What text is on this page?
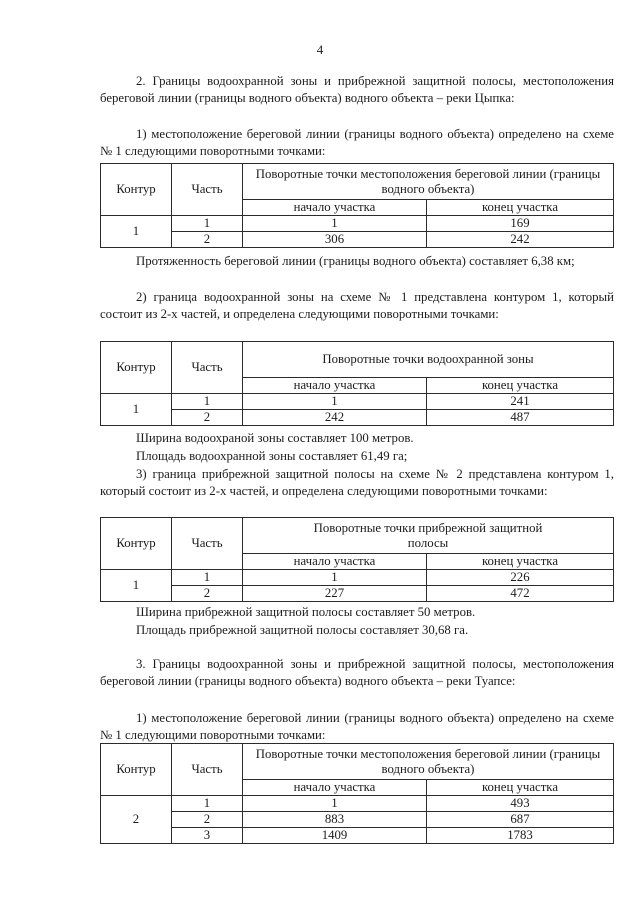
4

2. Границы водоохранной зоны и прибрежной защитной полосы, местоположения береговой линии (границы водного объекта) водного объекта – реки Цыпка:

1) местоположение береговой линии (границы водного объекта) определено на схеме № 1 следующими поворотными точками:

Контур	Часть	Поворотные точки местоположения береговой линии (границы водного объекта)	
		начало участка	конец участка
1	1	1	169
	2	306	242

Протяженность береговой линии (границы водного объекта) составляет 6,38 км;

2) граница водоохранной зоны на схеме № 1 представлена контуром 1, который состоит из 2-х частей, и определена следующими поворотными точками:

Контур	Часть	Поворотные точки водоохранной зоны	
		начало участка	конец участка
1	1	1	241
	2	242	487

Ширина водоохраной зоны составляет 100 метров.

Площадь водоохранной зоны составляет 61,49 га;

3) граница прибрежной защитной полосы на схеме № 2 представлена контуром 1, который состоит из 2-х частей, и определена следующими поворотными точками:

Контур	Часть	Поворотные точки прибрежной защитной полосы	
		начало участка	конец участка
1	1	1	226
	2	227	472

Ширина прибрежной защитной полосы составляет 50 метров.

Площадь прибрежной защитной полосы составляет 30,68 га.

3. Границы водоохранной зоны и прибрежной защитной полосы, местоположения береговой линии (границы водного объекта) водного объекта – реки Туапсе:

1) местоположение береговой линии (границы водного объекта) определено на схеме № 1 следующими поворотными точками:

Контур	Часть	Поворотные точки местоположения береговой линии (границы водного объекта)	
		начало участка	конец участка
2	1	1	493
	2	883	687
	3	1409	1783
